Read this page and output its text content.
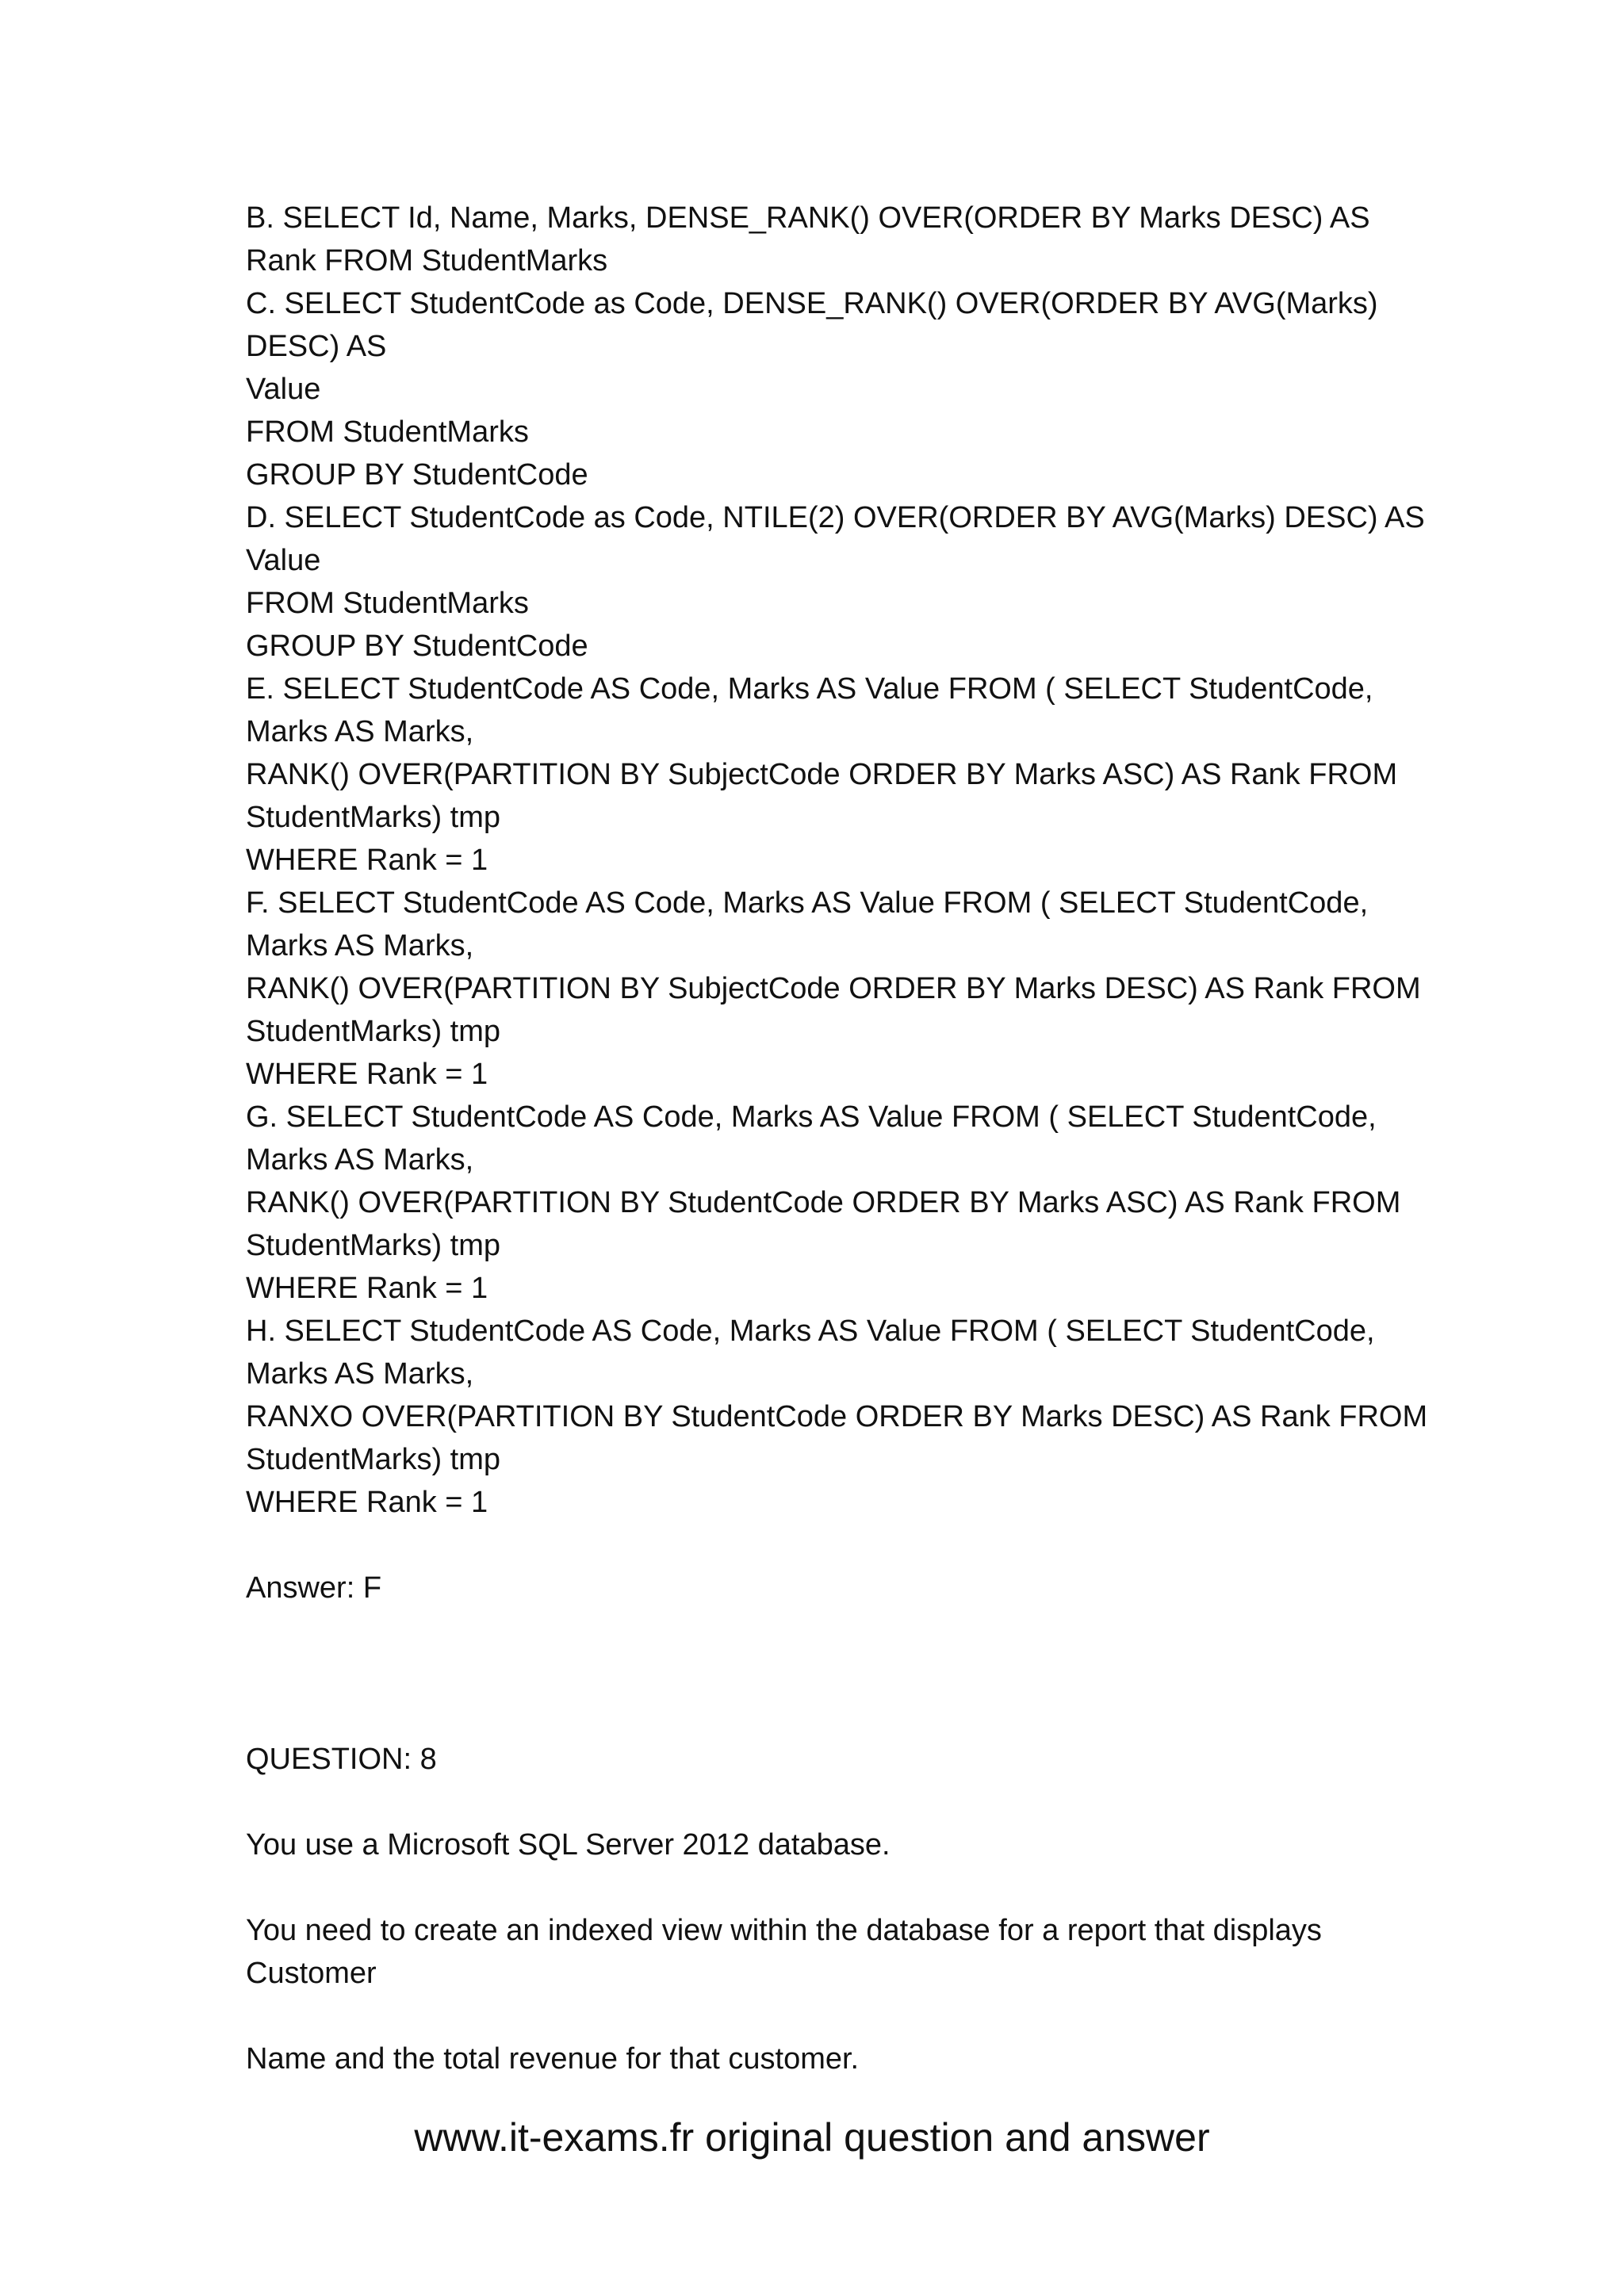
B. SELECT Id, Name, Marks, DENSE_RANK() OVER(ORDER BY Marks DESC) AS
Rank FROM StudentMarks
C. SELECT StudentCode as Code, DENSE_RANK() OVER(ORDER BY AVG(Marks)
DESC) AS
Value
FROM StudentMarks
GROUP BY StudentCode
D. SELECT StudentCode as Code, NTILE(2) OVER(ORDER BY AVG(Marks) DESC) AS
Value
FROM StudentMarks
GROUP BY StudentCode
E. SELECT StudentCode AS Code, Marks AS Value FROM ( SELECT StudentCode,
Marks AS Marks,
RANK() OVER(PARTITION BY SubjectCode ORDER BY Marks ASC) AS Rank FROM
StudentMarks) tmp
WHERE Rank = 1
F. SELECT StudentCode AS Code, Marks AS Value FROM ( SELECT StudentCode,
Marks AS Marks,
RANK() OVER(PARTITION BY SubjectCode ORDER BY Marks DESC) AS Rank FROM
StudentMarks) tmp
WHERE Rank = 1
G. SELECT StudentCode AS Code, Marks AS Value FROM ( SELECT StudentCode,
Marks AS Marks,
RANK() OVER(PARTITION BY StudentCode ORDER BY Marks ASC) AS Rank FROM
StudentMarks) tmp
WHERE Rank = 1
H. SELECT StudentCode AS Code, Marks AS Value FROM ( SELECT StudentCode,
Marks AS Marks,
RANXO OVER(PARTITION BY StudentCode ORDER BY Marks DESC) AS Rank FROM
StudentMarks) tmp
WHERE Rank = 1
Answer: F
QUESTION: 8
You use a Microsoft SQL Server 2012 database.
You need to create an indexed view within the database for a report that displays
Customer
Name and the total revenue for that customer.
www.it-exams.fr original question and answer
